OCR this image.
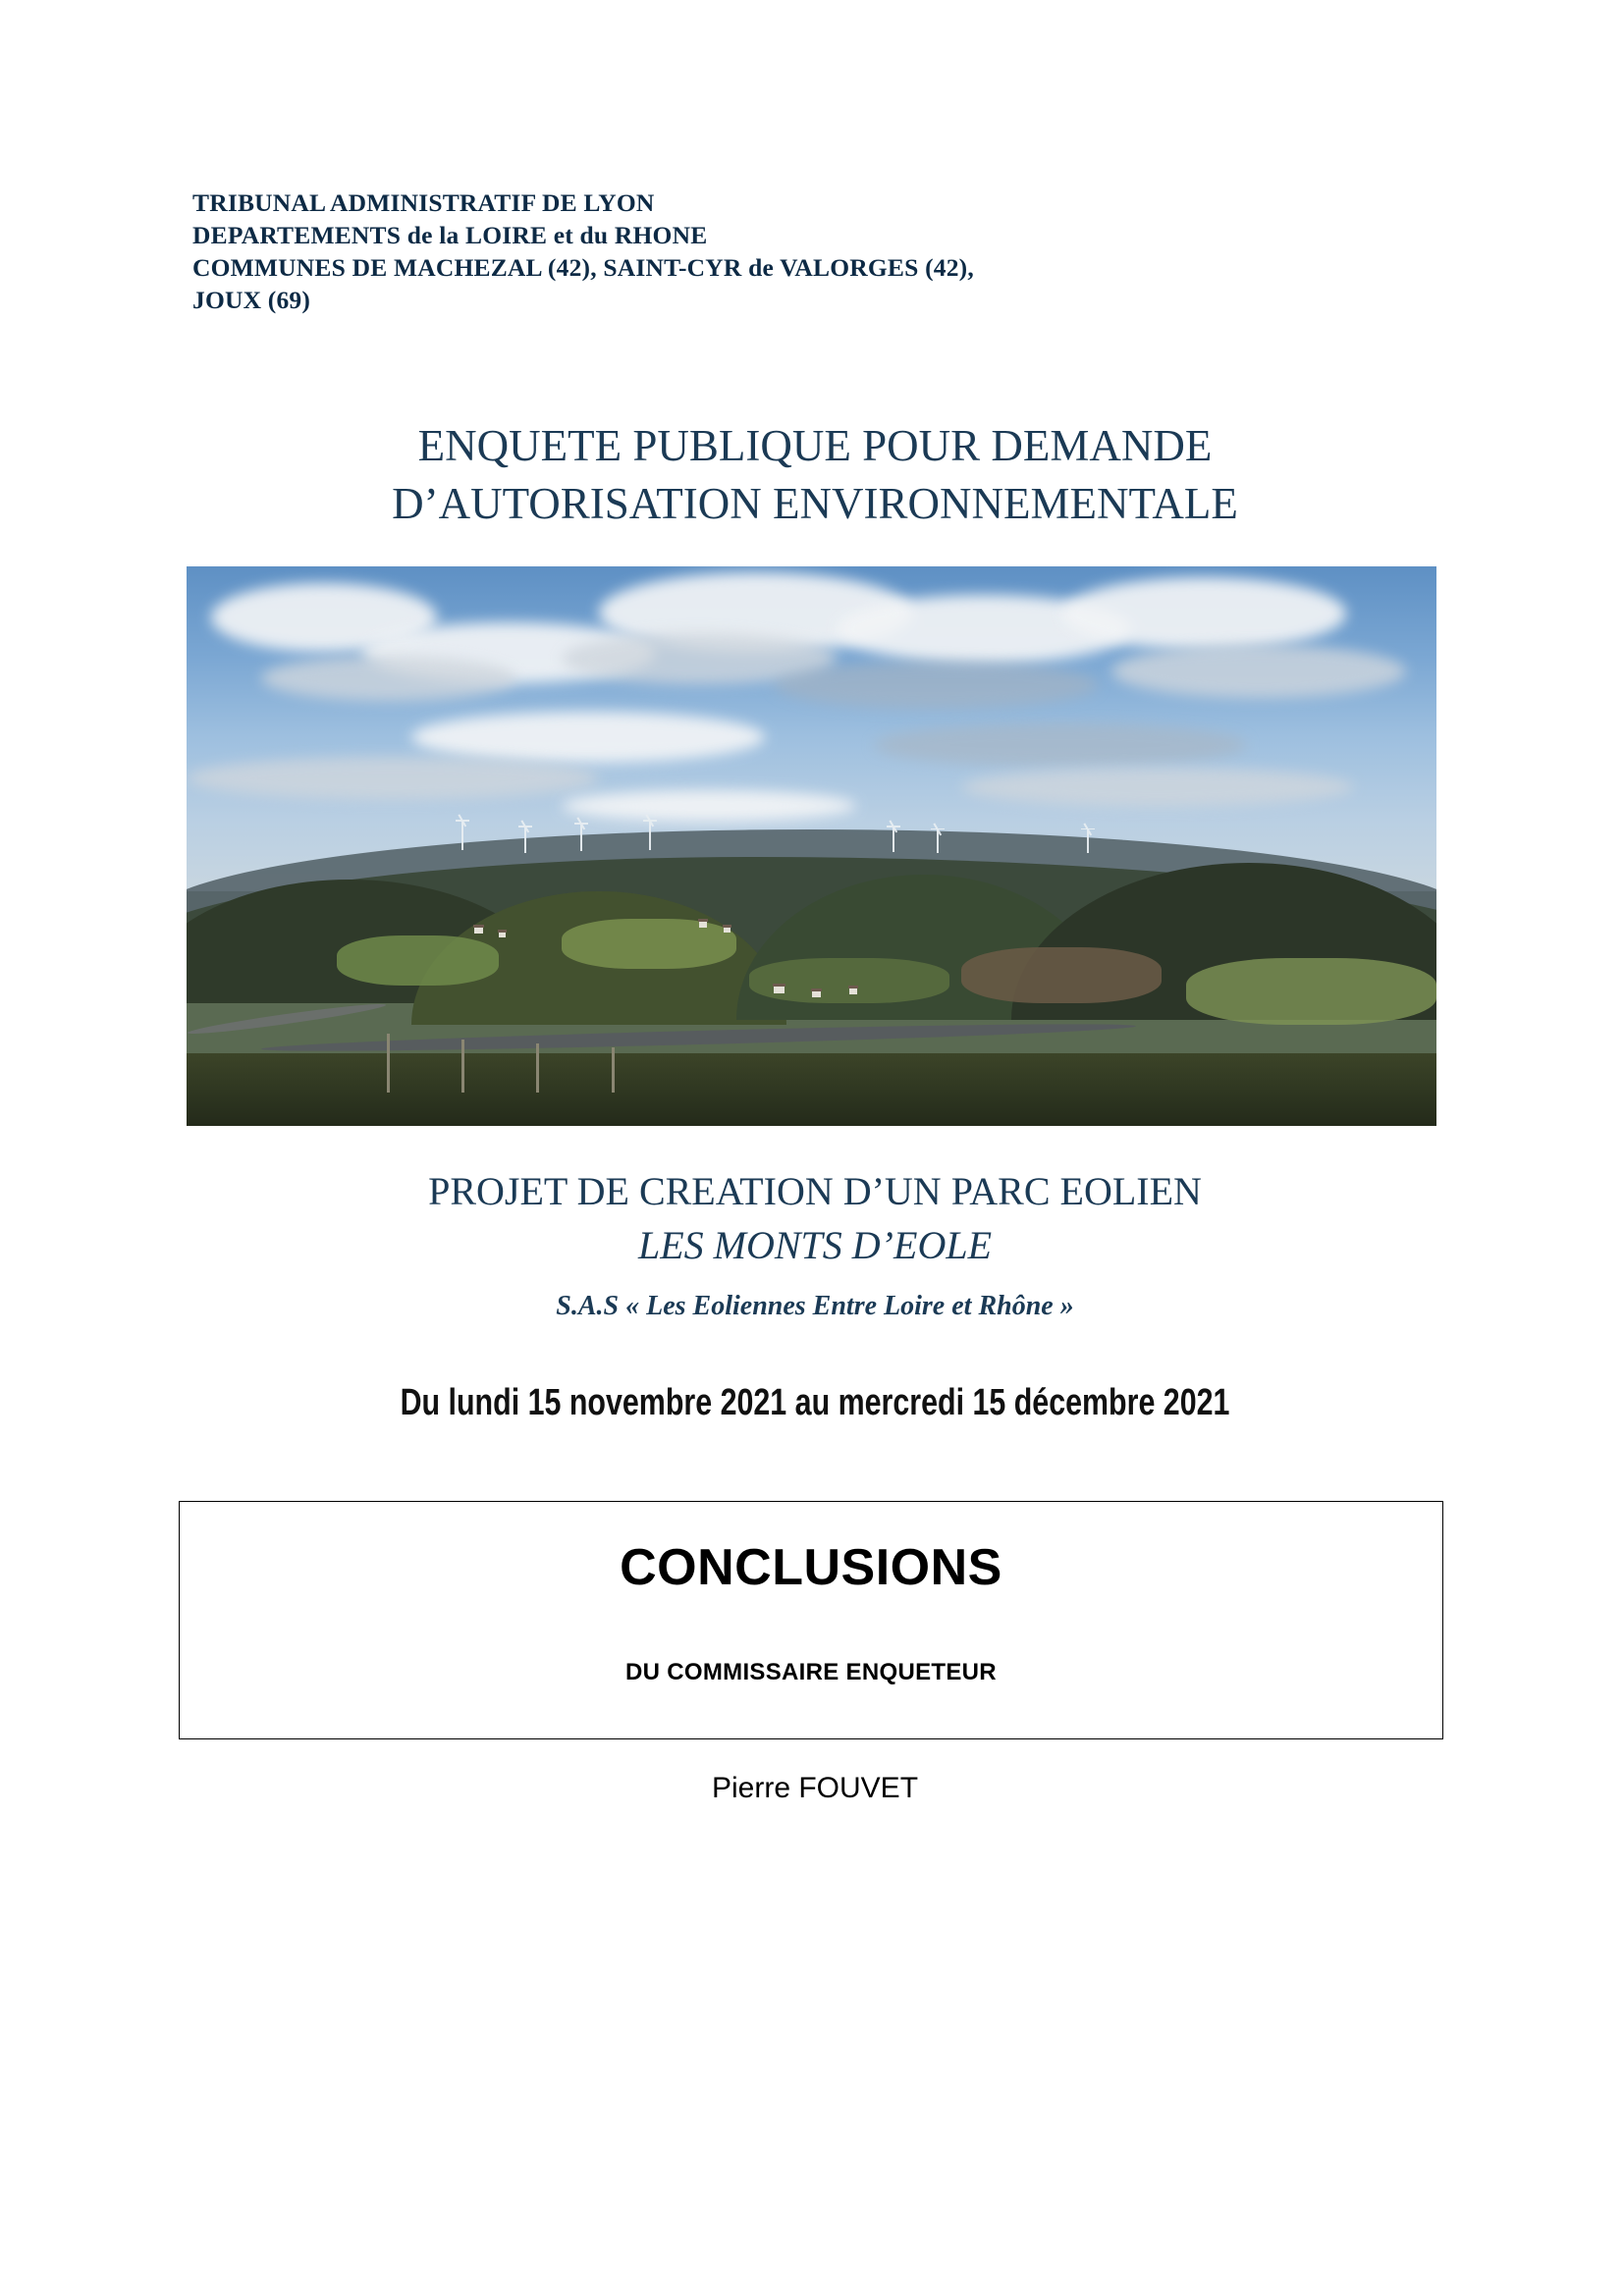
TRIBUNAL ADMINISTRATIF DE LYON
DEPARTEMENTS de la LOIRE et du RHONE
COMMUNES DE MACHEZAL (42), SAINT-CYR de VALORGES (42),
JOUX (69)
ENQUETE PUBLIQUE POUR DEMANDE
D’AUTORISATION ENVIRONNEMENTALE
PROJET DE CREATION D’UN PARC EOLIEN
LES MONTS D’EOLE
S.A.S « Les Eoliennes Entre Loire et Rhône »
Du lundi 15 novembre 2021 au mercredi 15 décembre 2021
CONCLUSIONS
DU COMMISSAIRE ENQUETEUR
Pierre FOUVET
